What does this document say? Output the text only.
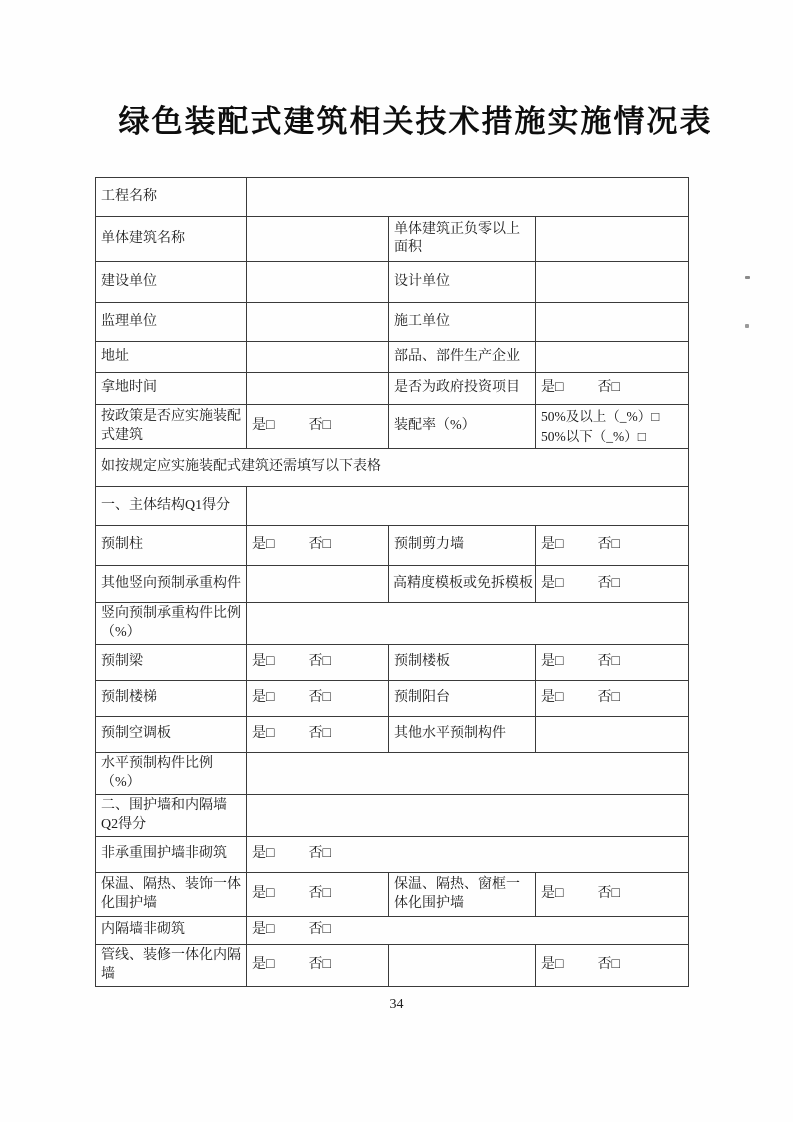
绿色装配式建筑相关技术措施实施情况表
工程名称			
单体建筑名称		单体建筑正负零以上面积	
建设单位		设计单位	
监理单位		施工单位	
地址		部品、部件生产企业	
拿地时间		是否为政府投资项目	是□ 否□
按政策是否应实施装配式建筑	是□ 否□	装配率（%）	50%及以上（_%）□
50%以下（_%）□

如按规定应实施装配式建筑还需填写以下表格			
一、主体结构Q1得分			
预制柱	是□ 否□	预制剪力墙	是□ 否□
其他竖向预制承重构件		高精度模板或免拆模板	是□ 否□
竖向预制承重构件比例（%）			
预制梁	是□ 否□	预制楼板	是□ 否□
预制楼梯	是□ 否□	预制阳台	是□ 否□
预制空调板	是□ 否□	其他水平预制构件	
水平预制构件比例（%）			
二、围护墙和内隔墙Q2得分			
非承重围护墙非砌筑	是□ 否□		
保温、隔热、装饰一体化围护墙	是□ 否□	保温、隔热、窗框一体化围护墙	是□ 否□
内隔墙非砌筑	是□ 否□		
管线、装修一体化内隔墙	是□ 否□		是□ 否□
34
